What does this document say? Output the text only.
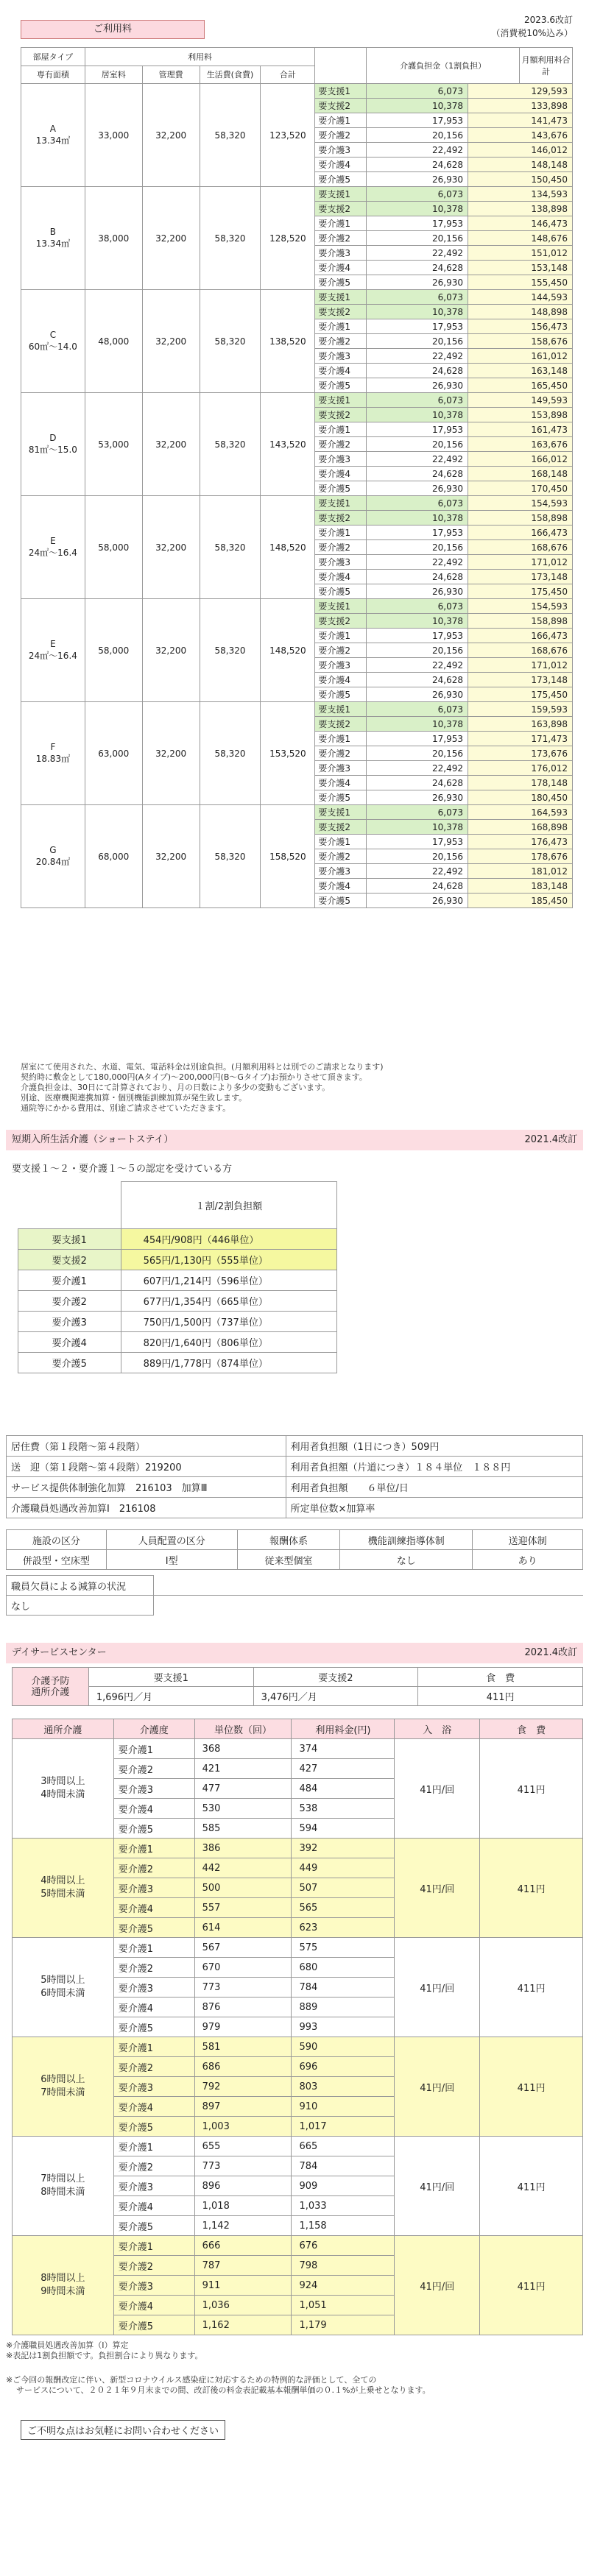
ご利用料
2023.6改訂
（消費税10%込み）
部屋タイプ	利用料					介護負担金（1割負担）
月額利用料合計	

専有面積	居室料	管理費	生活費(食費)	合計			

A
13.34㎡	33,000	32,200	58,320	123,520	要支援1	6,073	129,593
					要支援2	10,378	133,898
					要介護1	17,953	141,473
					要介護2	20,156	143,676
					要介護3	22,492	146,012
					要介護4	24,628	148,148
					要介護5	26,930	150,450

B
13.34㎡	38,000	32,200	58,320	128,520	要支援1	6,073	134,593
					要支援2	10,378	138,898
					要介護1	17,953	146,473
					要介護2	20,156	148,676
					要介護3	22,492	151,012
					要介護4	24,628	153,148
					要介護5	26,930	155,450

C
60㎡〜14.0	48,000	32,200	58,320	138,520	要支援1	6,073	144,593
					要支援2	10,378	148,898
					要介護1	17,953	156,473
					要介護2	20,156	158,676
					要介護3	22,492	161,012
					要介護4	24,628	163,148
					要介護5	26,930	165,450

D
81㎡〜15.0	53,000	32,200	58,320	143,520	要支援1	6,073	149,593
					要支援2	10,378	153,898
					要介護1	17,953	161,473
					要介護2	20,156	163,676
					要介護3	22,492	166,012
					要介護4	24,628	168,148
					要介護5	26,930	170,450

E
24㎡〜16.4	58,000	32,200	58,320	148,520	要支援1	6,073	154,593
					要支援2	10,378	158,898
					要介護1	17,953	166,473
					要介護2	20,156	168,676
					要介護3	22,492	171,012
					要介護4	24,628	173,148
					要介護5	26,930	175,450

E
24㎡〜16.4	58,000	32,200	58,320	148,520	要支援1	6,073	154,593
					要支援2	10,378	158,898
					要介護1	17,953	166,473
					要介護2	20,156	168,676
					要介護3	22,492	171,012
					要介護4	24,628	173,148
					要介護5	26,930	175,450

F
18.83㎡	63,000	32,200	58,320	153,520	要支援1	6,073	159,593
					要支援2	10,378	163,898
					要介護1	17,953	171,473
					要介護2	20,156	173,676
					要介護3	22,492	176,012
					要介護4	24,628	178,148
					要介護5	26,930	180,450

G
20.84㎡	68,000	32,200	58,320	158,520	要支援1	6,073	164,593
					要支援2	10,378	168,898
					要介護1	17,953	176,473
					要介護2	20,156	178,676
					要介護3	22,492	181,012
					要介護4	24,628	183,148
					要介護5	26,930	185,450
居室にて使用された、水道、電気、電話料金は別途負担。(月額利用料とは別でのご請求となります)
契約時に敷金として180,000円(Aタイプ)〜200,000円(B〜Gタイプ)お預かりさせて頂きます。
介護負担金は、30日にて計算されており、月の日数により多少の変動もございます。
別途、医療機関連携加算・個別機能訓練加算が発生致します。
通院等にかかる費用は、別途ご請求させていただきます。
短期入所生活介護（ショートステイ）	2021.4改訂
要支援１〜２・要介護１〜５の認定を受けている方
	１割/2割負担額
要支援1	454円/908円（446単位）
要支援2	565円/1,130円（555単位）
要介護1	607円/1,214円（596単位）
要介護2	677円/1,354円（665単位）
要介護3	750円/1,500円（737単位）
要介護4	820円/1,640円（806単位）
要介護5	889円/1,778円（874単位）
居住費（第１段階〜第４段階）	利用者負担額（1日につき）509円
送　迎（第１段階〜第４段階）219200	利用者負担額（片道につき）１８４単位　１８８円
サービス提供体制強化加算　216103　加算Ⅲ	利用者負担額　　６単位/日
介護職員処遇改善加算Ⅰ　216108	所定単位数×加算率
施設の区分	人員配置の区分	報酬体系	機能訓練指導体制	送迎体制
併設型・空床型	Ⅰ型	従来型個室	なし	あり
職員欠員による減算の状況	
なし	
デイサービスセンター	2021.4改訂
介護予防
通所介護	要支援1	要支援2	食　費
	1,696円／月	3,476円／月	411円
通所介護	介護度	単位数（回）	利用料金(円)	入　浴	食　費

3時間以上
4時間未満	要介護1	368	374	41円/回	411円
	要介護2	421	427		
	要介護3	477	484		
	要介護4	530	538		
	要介護5	585	594		

4時間以上
5時間未満	要介護1	386	392	41円/回	411円
	要介護2	442	449		
	要介護3	500	507		
	要介護4	557	565		
	要介護5	614	623		

5時間以上
6時間未満	要介護1	567	575	41円/回	411円
	要介護2	670	680		
	要介護3	773	784		
	要介護4	876	889		
	要介護5	979	993		

6時間以上
7時間未満	要介護1	581	590	41円/回	411円
	要介護2	686	696		
	要介護3	792	803		
	要介護4	897	910		
	要介護5	1,003	1,017		

7時間以上
8時間未満	要介護1	655	665	41円/回	411円
	要介護2	773	784		
	要介護3	896	909		
	要介護4	1,018	1,033		
	要介護5	1,142	1,158		

8時間以上
9時間未満	要介護1	666	676	41円/回	411円
	要介護2	787	798		
	要介護3	911	924		
	要介護4	1,036	1,051		
	要介護5	1,162	1,179		
※介護職員処遇改善加算（Ⅰ）算定
※表記は1割負担額です。負担割合により異なります。
※ご今回の報酬改定に伴い、新型コロナウイルス感染症に対応するための特例的な評価として、全ての
サービスについて、２０２１年９月末までの間、改訂後の料金表記載基本報酬単価の０.１%が上乗せとなります。
ご不明な点はお気軽にお問い合わせください
